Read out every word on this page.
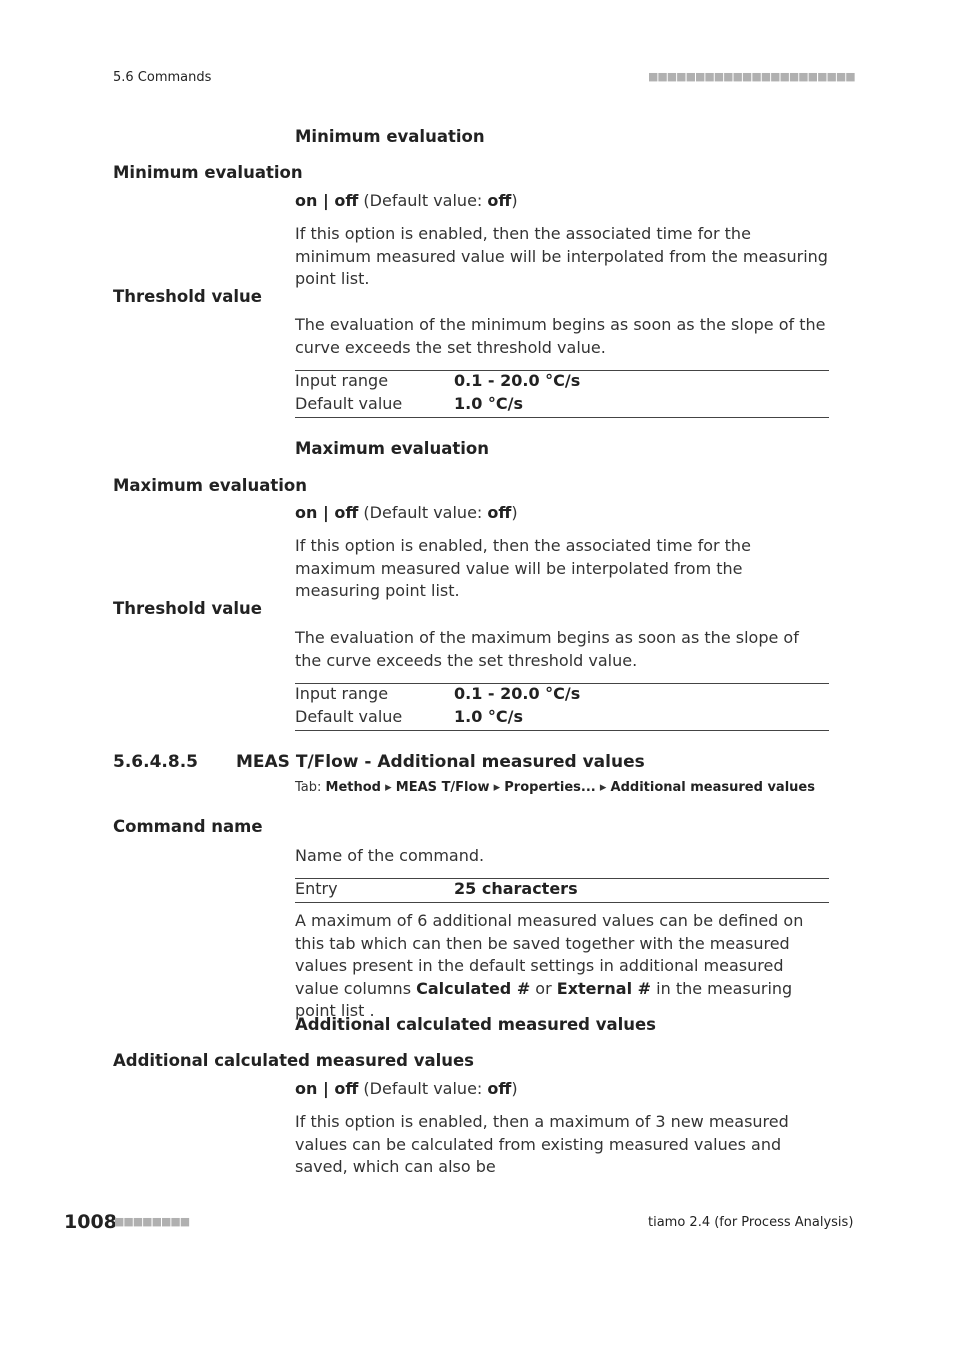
5.6 Commands	■■■■■■■■■■■■■■■■■■■■■■
Minimum evaluation
Minimum evaluation
on | off (Default value: off)
If this option is enabled, then the associated time for the minimum measured value will be interpolated from the measuring point list.
Threshold value
The evaluation of the minimum begins as soon as the slope of the curve exceeds the set threshold value.
Input range	0.1 - 20.0 °C/s
Default value	1.0 °C/s
Maximum evaluation
Maximum evaluation
on | off (Default value: off)
If this option is enabled, then the associated time for the maximum measured value will be interpolated from the measuring point list.
Threshold value
The evaluation of the maximum begins as soon as the slope of the curve exceeds the set threshold value.
Input range	0.1 - 20.0 °C/s
Default value	1.0 °C/s
5.6.4.8.5 MEAS T/Flow - Additional measured values
Tab: Method ▸ MEAS T/Flow ▸ Properties... ▸ Additional measured values
Command name
Name of the command.
Entry	25 characters
A maximum of 6 additional measured values can be defined on this tab which can then be saved together with the measured values present in the default settings in additional measured value columns Calculated # or External # in the measuring point list .
Additional calculated measured values
Additional calculated measured values
on | off (Default value: off)
If this option is enabled, then a maximum of 3 new measured values can be calculated from existing measured values and saved, which can also be
1008
■■■■■■■■	tiamo 2.4 (for Process Analysis)
